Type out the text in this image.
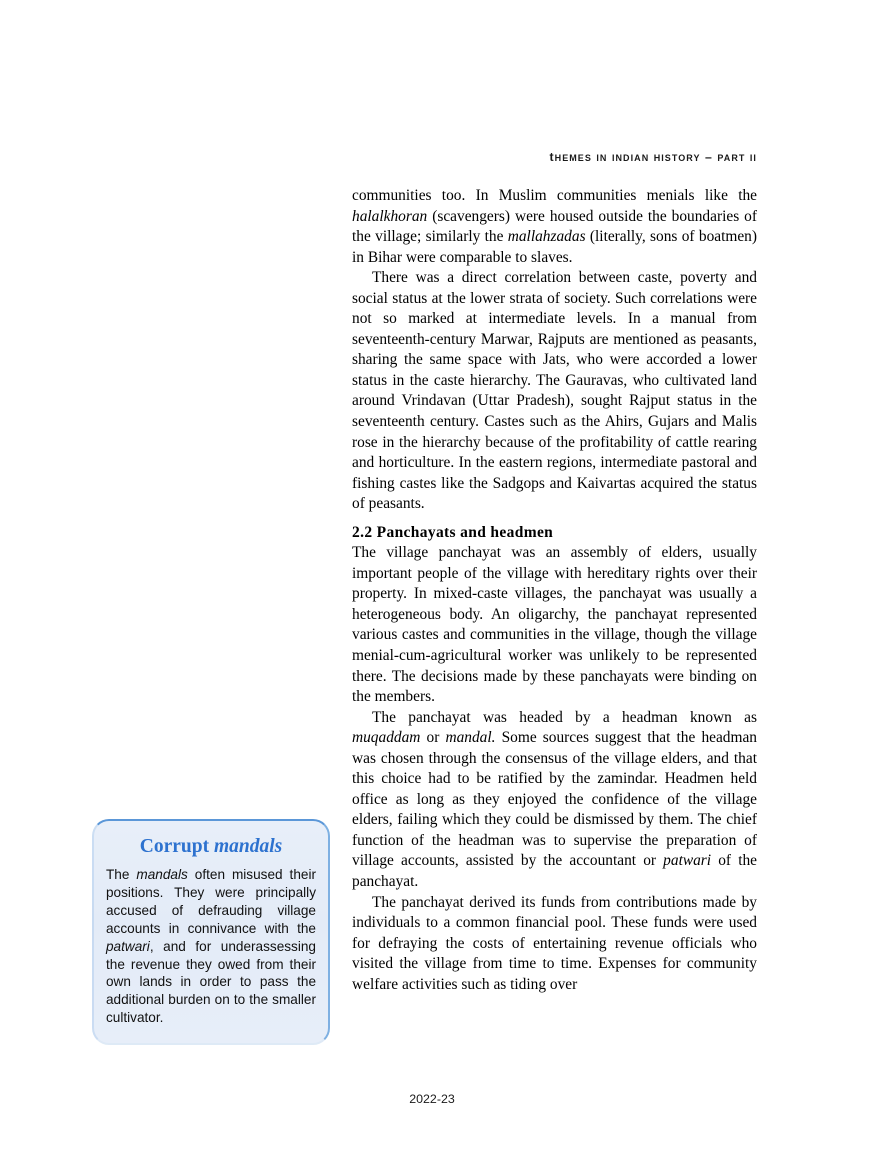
themes in indian history – part ii

communities too. In Muslim communities menials like the halalkhoran (scavengers) were housed outside the boundaries of the village; similarly the mallahzadas (literally, sons of boatmen) in Bihar were comparable to slaves.

There was a direct correlation between caste, poverty and social status at the lower strata of society. Such correlations were not so marked at intermediate levels. In a manual from seventeenth-century Marwar, Rajputs are mentioned as peasants, sharing the same space with Jats, who were accorded a lower status in the caste hierarchy. The Gauravas, who cultivated land around Vrindavan (Uttar Pradesh), sought Rajput status in the seventeenth century. Castes such as the Ahirs, Gujars and Malis rose in the hierarchy because of the profitability of cattle rearing and horticulture. In the eastern regions, intermediate pastoral and fishing castes like the Sadgops and Kaivartas acquired the status of peasants.

2.2 Panchayats and headmen

The village panchayat was an assembly of elders, usually important people of the village with hereditary rights over their property. In mixed-caste villages, the panchayat was usually a heterogeneous body. An oligarchy, the panchayat represented various castes and communities in the village, though the village menial-cum-agricultural worker was unlikely to be represented there. The decisions made by these panchayats were binding on the members.

The panchayat was headed by a headman known as muqaddam or mandal. Some sources suggest that the headman was chosen through the consensus of the village elders, and that this choice had to be ratified by the zamindar. Headmen held office as long as they enjoyed the confidence of the village elders, failing which they could be dismissed by them. The chief function of the headman was to supervise the preparation of village accounts, assisted by the accountant or patwari of the panchayat.

The panchayat derived its funds from contributions made by individuals to a common financial pool. These funds were used for defraying the costs of entertaining revenue officials who visited the village from time to time. Expenses for community welfare activities such as tiding over

Corrupt mandals

The mandals often misused their positions. They were principally accused of defrauding village accounts in connivance with the patwari, and for underassessing the revenue they owed from their own lands in order to pass the additional burden on to the smaller cultivator.

2022-23
